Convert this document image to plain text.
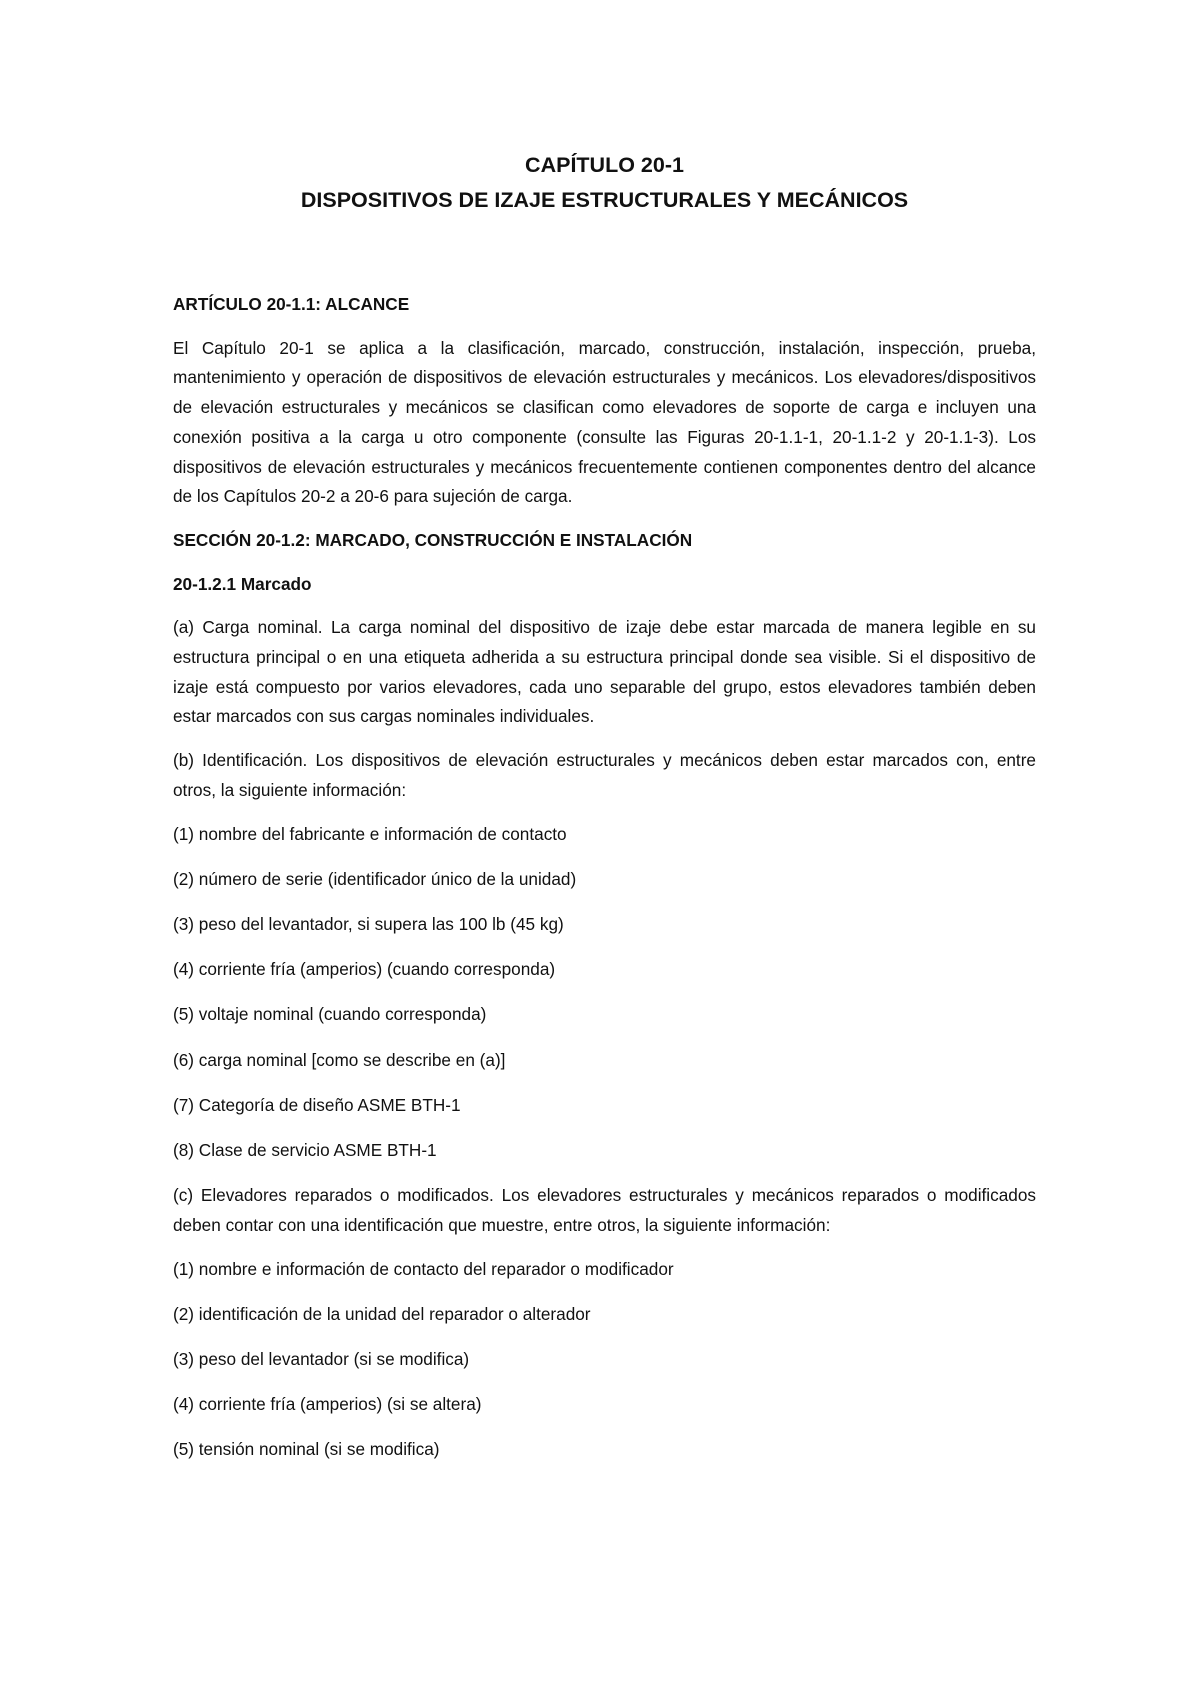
CAPÍTULO 20-1

DISPOSITIVOS DE IZAJE ESTRUCTURALES Y MECÁNICOS

ARTÍCULO 20-1.1: ALCANCE

El Capítulo 20-1 se aplica a la clasificación, marcado, construcción, instalación, inspección, prueba, mantenimiento y operación de dispositivos de elevación estructurales y mecánicos. Los elevadores/dispositivos de elevación estructurales y mecánicos se clasifican como elevadores de soporte de carga e incluyen una conexión positiva a la carga u otro componente (consulte las Figuras 20-1.1-1, 20-1.1-2 y 20-1.1-3). Los dispositivos de elevación estructurales y mecánicos frecuentemente contienen componentes dentro del alcance de los Capítulos 20-2 a 20-6 para sujeción de carga.

SECCIÓN 20-1.2: MARCADO, CONSTRUCCIÓN E INSTALACIÓN

20-1.2.1 Marcado

(a) Carga nominal. La carga nominal del dispositivo de izaje debe estar marcada de manera legible en su estructura principal o en una etiqueta adherida a su estructura principal donde sea visible. Si el dispositivo de izaje está compuesto por varios elevadores, cada uno separable del grupo, estos elevadores también deben estar marcados con sus cargas nominales individuales.

(b) Identificación. Los dispositivos de elevación estructurales y mecánicos deben estar marcados con, entre otros, la siguiente información:

(1) nombre del fabricante e información de contacto

(2) número de serie (identificador único de la unidad)

(3) peso del levantador, si supera las 100 lb (45 kg)

(4) corriente fría (amperios) (cuando corresponda)

(5) voltaje nominal (cuando corresponda)

(6) carga nominal [como se describe en (a)]

(7) Categoría de diseño ASME BTH-1

(8) Clase de servicio ASME BTH-1

(c) Elevadores reparados o modificados. Los elevadores estructurales y mecánicos reparados o modificados deben contar con una identificación que muestre, entre otros, la siguiente información:

(1) nombre e información de contacto del reparador o modificador

(2) identificación de la unidad del reparador o alterador

(3) peso del levantador (si se modifica)

(4) corriente fría (amperios) (si se altera)

(5) tensión nominal (si se modifica)
